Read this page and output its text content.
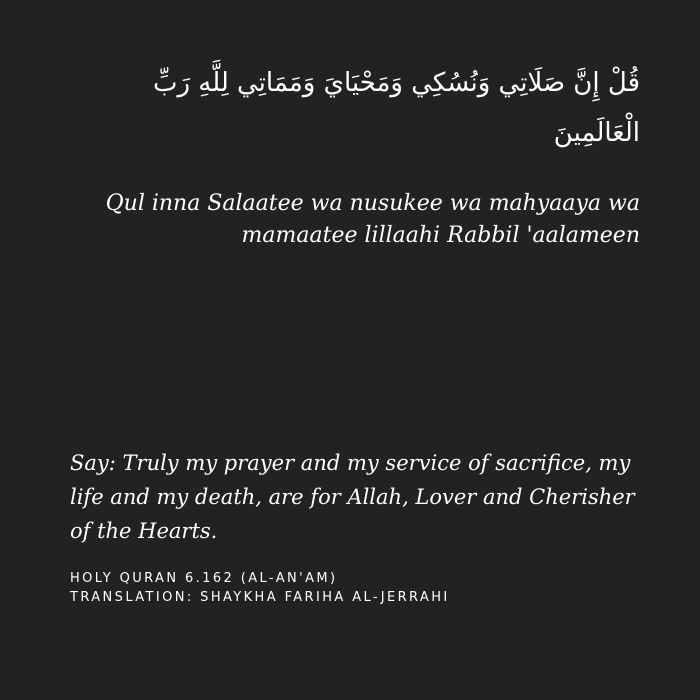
قُلْ إِنَّ صَلَاتِي وَنُسُكِي وَمَحْيَايَ وَمَمَاتِي لِلَّهِ رَبِّ الْعَالَمِينَ
Qul inna Salaatee wa nusukee wa mahyaaya wa mamaatee lillaahi Rabbil 'aalameen
Say: Truly my prayer and my service of sacrifice, my life and my death, are for Allah, Lover and Cherisher of the Hearts.
HOLY QURAN 6.162 (AL-AN'AM)
TRANSLATION: SHAYKHA FARIHA AL-JERRAHI
